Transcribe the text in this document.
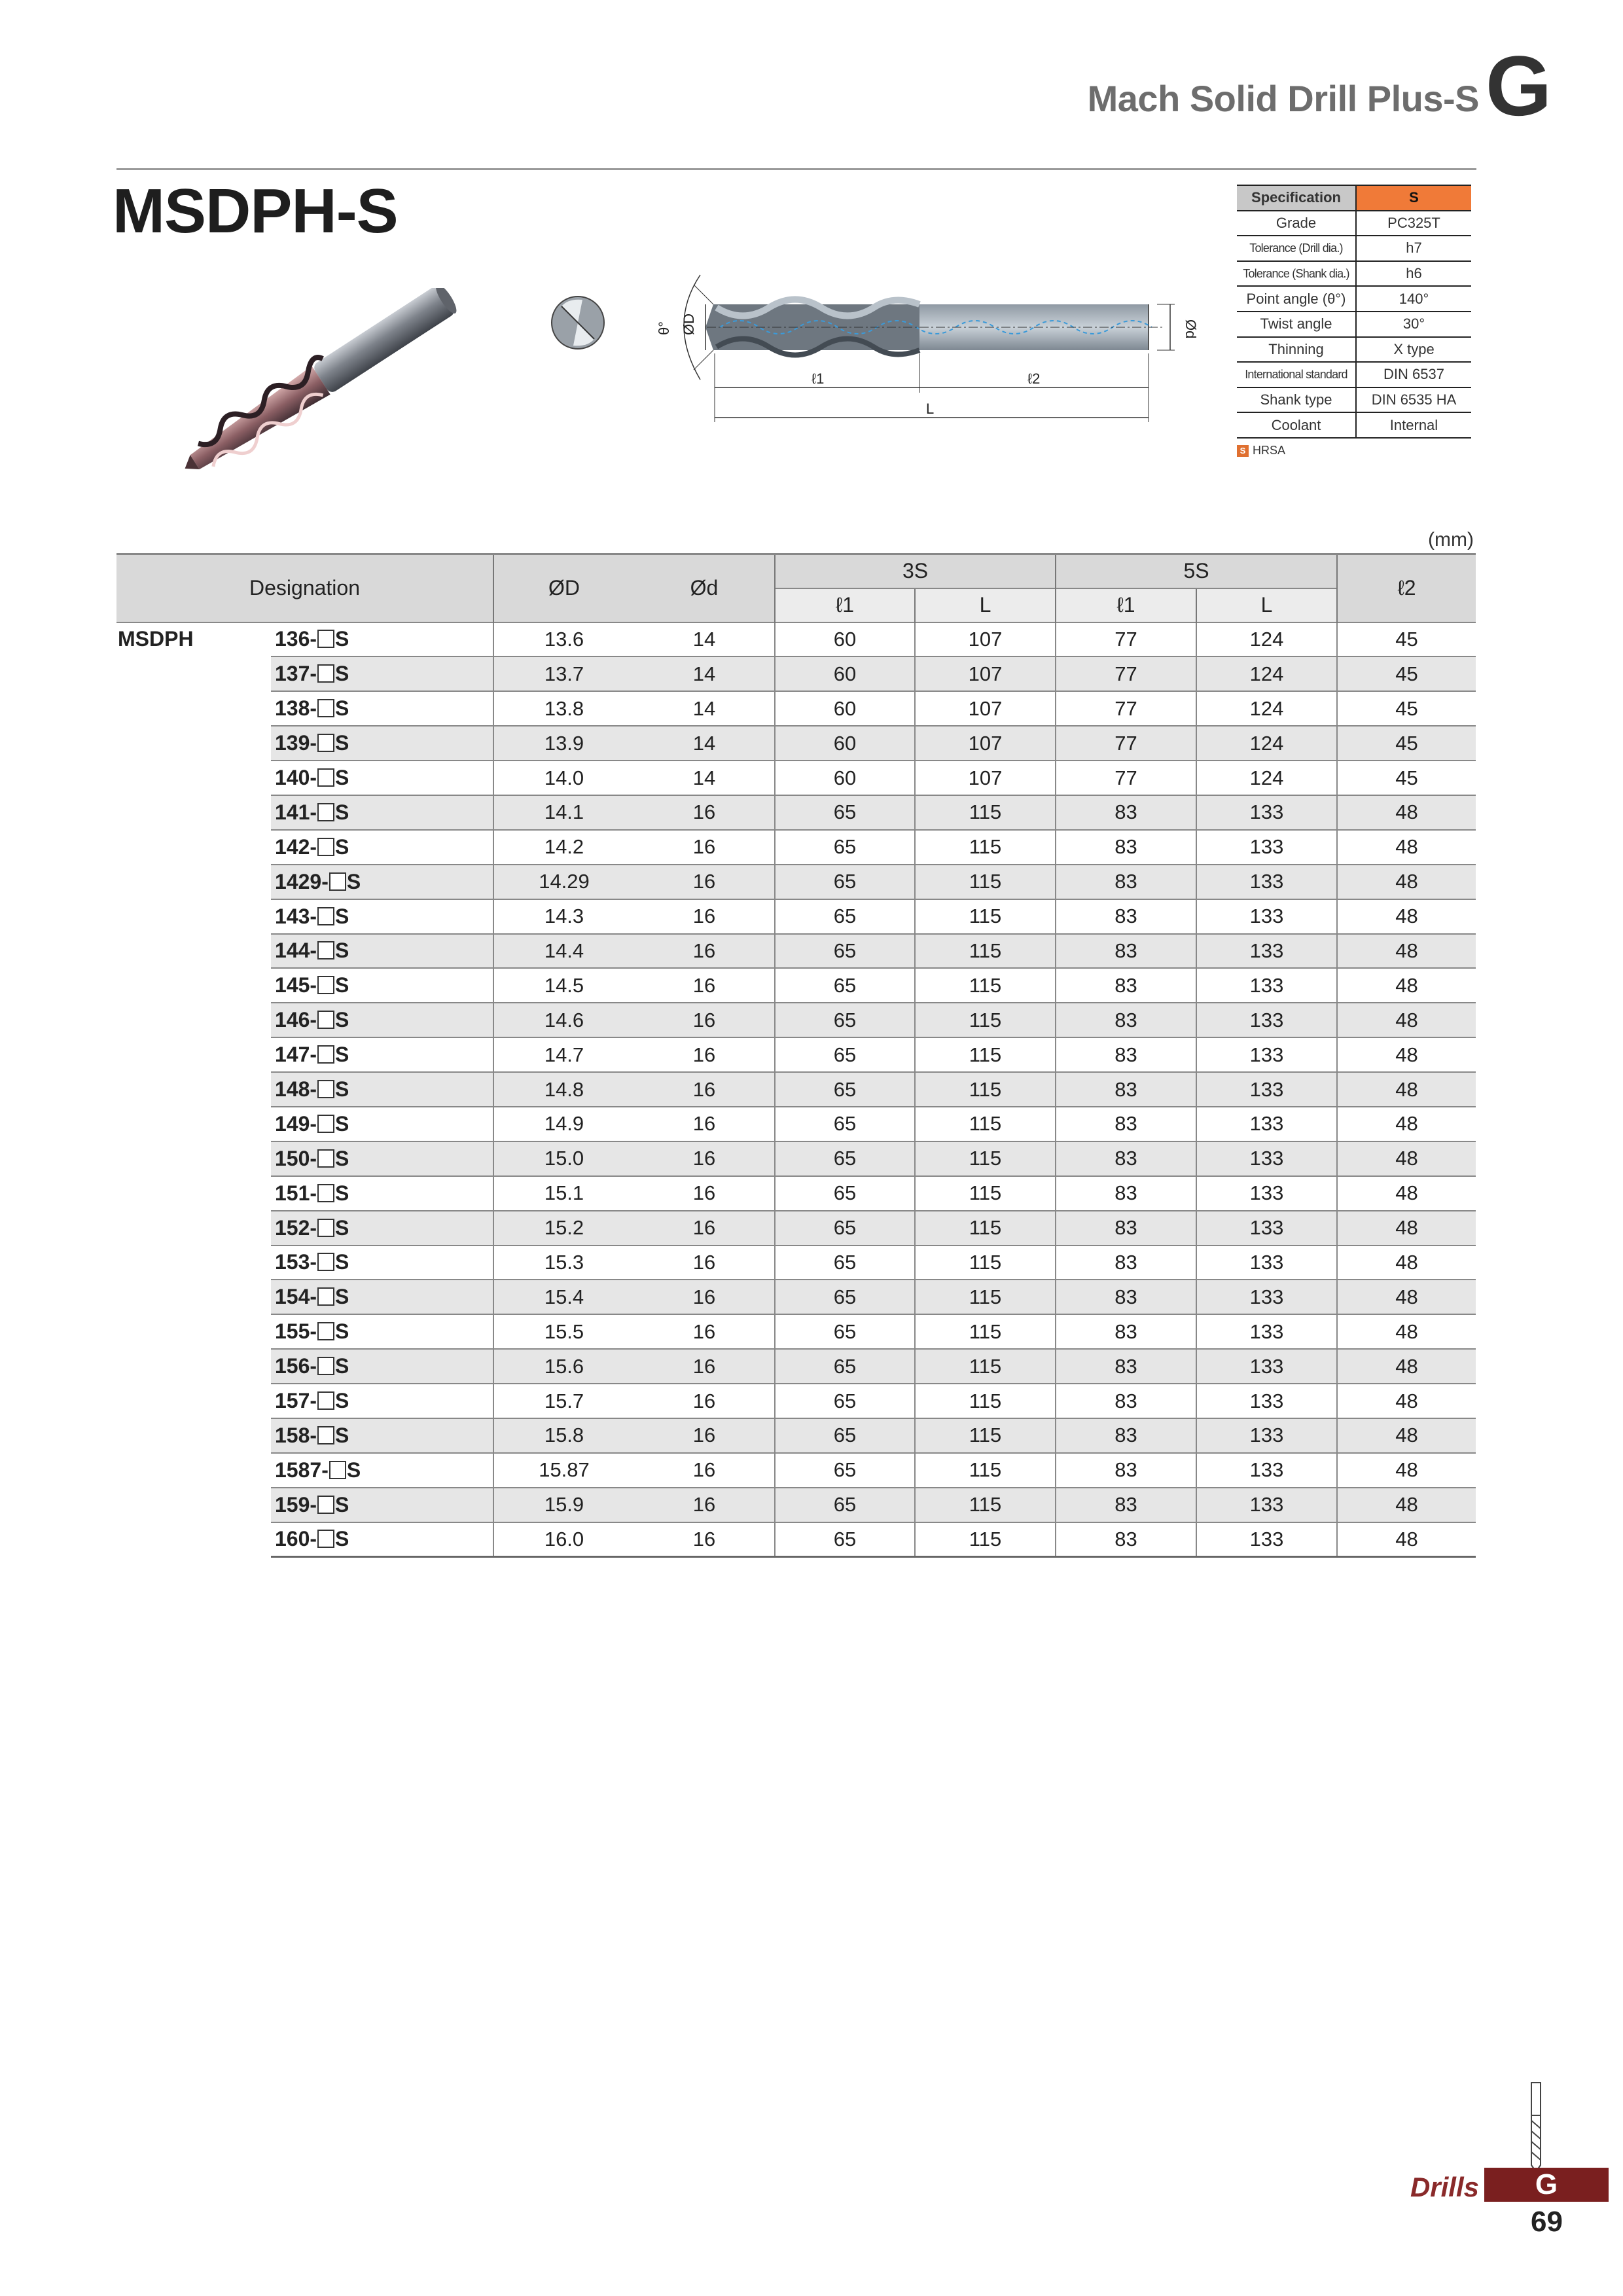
Mach Solid Drill Plus-S G
MSDPH-S
ØD
θ°	Ød
ℓ1	ℓ2
L
Specification	S
Grade	PC325T
Tolerance (Drill dia.)	h7
Tolerance (Shank dia.)	h6
Point angle (θ°)	140°
Twist angle	30°
Thinning	X type
International standard	DIN 6537
Shank type	DIN 6535 HA
Coolant	Internal
S HRSA
(mm)
Designation		ØD	Ød	3S		5S		ℓ2
				ℓ1	L	ℓ1	L	
MSDPH	136- S	13.6	14	60	107	77	124	45
	137- S	13.7	14	60	107	77	124	45
	138- S	13.8	14	60	107	77	124	45
	139- S	13.9	14	60	107	77	124	45
	140- S	14.0	14	60	107	77	124	45
	141- S	14.1	16	65	115	83	133	48
	142- S	14.2	16	65	115	83	133	48
	1429- S	14.29	16	65	115	83	133	48
	143- S	14.3	16	65	115	83	133	48
	144- S	14.4	16	65	115	83	133	48
	145- S	14.5	16	65	115	83	133	48
	146- S	14.6	16	65	115	83	133	48
	147- S	14.7	16	65	115	83	133	48
	148- S	14.8	16	65	115	83	133	48
	149- S	14.9	16	65	115	83	133	48
	150- S	15.0	16	65	115	83	133	48
	151- S	15.1	16	65	115	83	133	48
	152- S	15.2	16	65	115	83	133	48
	153- S	15.3	16	65	115	83	133	48
	154- S	15.4	16	65	115	83	133	48
	155- S	15.5	16	65	115	83	133	48
	156- S	15.6	16	65	115	83	133	48
	157- S	15.7	16	65	115	83	133	48
	158- S	15.8	16	65	115	83	133	48
	1587- S	15.87	16	65	115	83	133	48
	159- S	15.9	16	65	115	83	133	48
	160- S	16.0	16	65	115	83	133	48
Drills	G
69
